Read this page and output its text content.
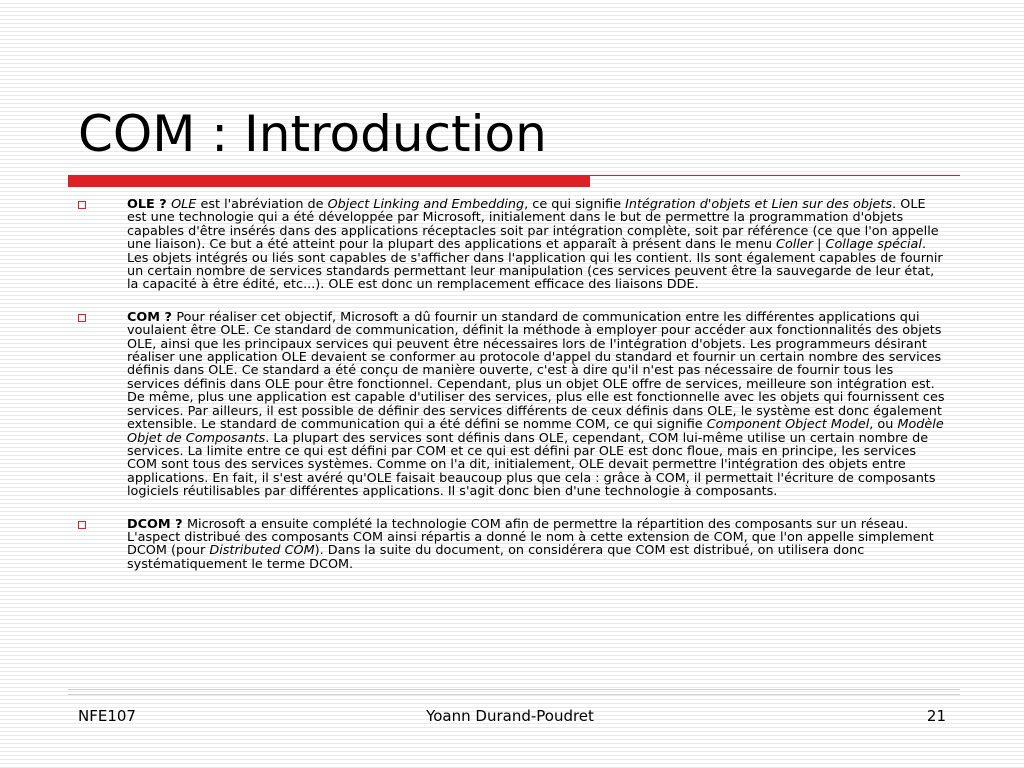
COM : Introduction
OLE ? OLE est l'abréviation de Object Linking and Embedding, ce qui signifie Intégration d'objets et Lien sur des objets. OLE est une technologie qui a été développée par Microsoft, initialement dans le but de permettre la programmation d'objets capables d'être insérés dans des applications réceptacles soit par intégration complète, soit par référence (ce que l'on appelle une liaison). Ce but a été atteint pour la plupart des applications et apparaît à présent dans le menu Coller | Collage spécial. Les objets intégrés ou liés sont capables de s'afficher dans l'application qui les contient. Ils sont également capables de fournir un certain nombre de services standards permettant leur manipulation (ces services peuvent être la sauvegarde de leur état, la capacité à être édité, etc...). OLE est donc un remplacement efficace des liaisons DDE.
COM ? Pour réaliser cet objectif, Microsoft a dû fournir un standard de communication entre les différentes applications qui voulaient être OLE. Ce standard de communication, définit la méthode à employer pour accéder aux fonctionnalités des objets OLE, ainsi que les principaux services qui peuvent être nécessaires lors de l'intégration d'objets. Les programmeurs désirant réaliser une application OLE devaient se conformer au protocole d'appel du standard et fournir un certain nombre des services définis dans OLE. Ce standard a été conçu de manière ouverte, c'est à dire qu'il n'est pas nécessaire de fournir tous les services définis dans OLE pour être fonctionnel. Cependant, plus un objet OLE offre de services, meilleure son intégration est. De même, plus une application est capable d'utiliser des services, plus elle est fonctionnelle avec les objets qui fournissent ces services. Par ailleurs, il est possible de définir des services différents de ceux définis dans OLE, le système est donc également extensible. Le standard de communication qui a été défini se nomme COM, ce qui signifie Component Object Model, ou Modèle Objet de Composants. La plupart des services sont définis dans OLE, cependant, COM lui-même utilise un certain nombre de services. La limite entre ce qui est défini par COM et ce qui est défini par OLE est donc floue, mais en principe, les services COM sont tous des services systèmes. Comme on l'a dit, initialement, OLE devait permettre l'intégration des objets entre applications. En fait, il s'est avéré qu'OLE faisait beaucoup plus que cela : grâce à COM, il permettait l'écriture de composants logiciels réutilisables par différentes applications. Il s'agit donc bien d'une technologie à composants.
DCOM ? Microsoft a ensuite complété la technologie COM afin de permettre la répartition des composants sur un réseau. L'aspect distribué des composants COM ainsi répartis a donné le nom à cette extension de COM, que l'on appelle simplement DCOM (pour Distributed COM). Dans la suite du document, on considérera que COM est distribué, on utilisera donc systématiquement le terme DCOM.
NFE107	Yoann Durand-Poudret	21
